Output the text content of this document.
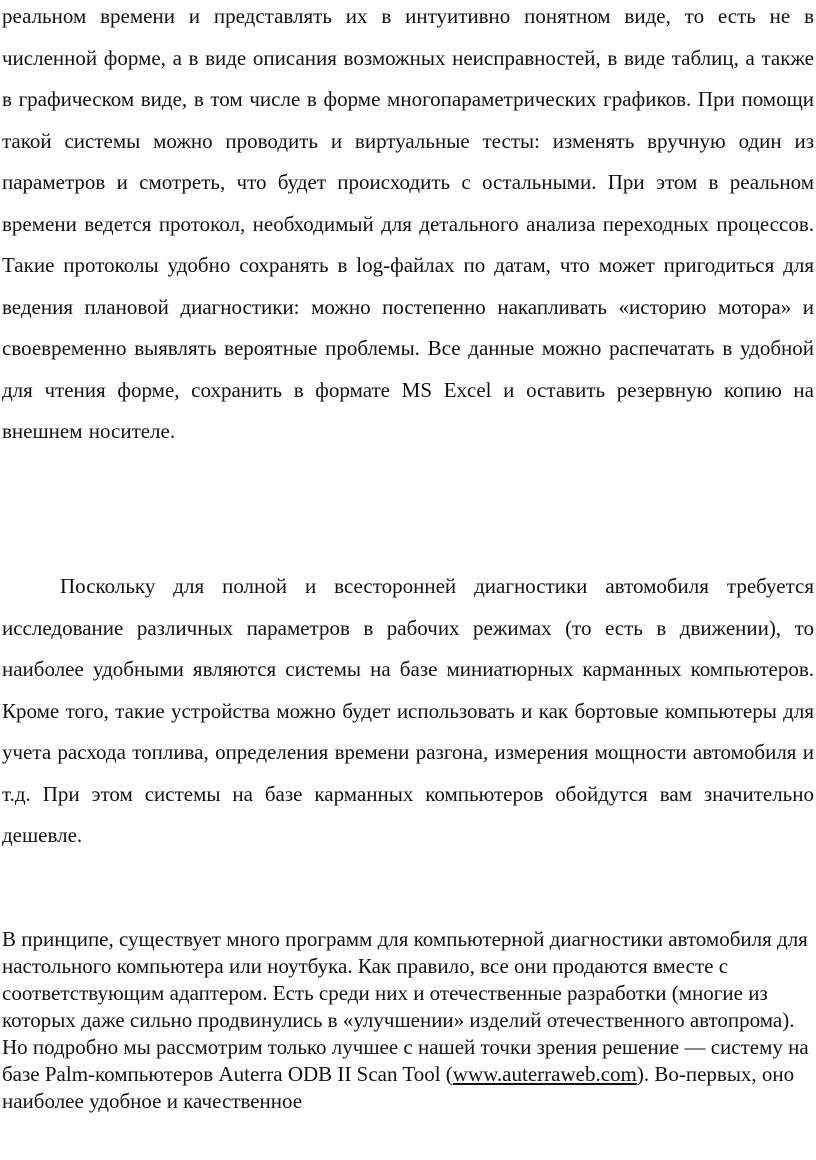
реальном времени и представлять их в интуитивно понятном виде, то есть не в численной форме, а в виде описания возможных неисправностей, в виде таблиц, а также в графическом виде, в том числе в форме многопараметрических графиков. При помощи такой системы можно проводить и виртуальные тесты: изменять вручную один из параметров и смотреть, что будет происходить с остальными. При этом в реальном времени ведется протокол, необходимый для детального анализа переходных процессов. Такие протоколы удобно сохранять в log-файлах по датам, что может пригодиться для ведения плановой диагностики: можно постепенно накапливать «историю мотора» и своевременно выявлять вероятные проблемы. Все данные можно распечатать в удобной для чтения форме, сохранить в формате MS Excel и оставить резервную копию на внешнем носителе.

Поскольку для полной и всесторонней диагностики автомобиля требуется исследование различных параметров в рабочих режимах (то есть в движении), то наиболее удобными являются системы на базе миниатюрных карманных компьютеров. Кроме того, такие устройства можно будет использовать и как бортовые компьютеры для учета расхода топлива, определения времени разгона, измерения мощности автомобиля и т.д. При этом системы на базе карманных компьютеров обойдутся вам значительно дешевле.

В принципе, существует много программ для компьютерной диагностики автомобиля для настольного компьютера или ноутбука. Как правило, все они продаются вместе с соответствующим адаптером. Есть среди них и отечественные разработки (многие из которых даже сильно продвинулись в «улучшении» изделий отечественного автопрома). Но подробно мы рассмотрим только лучшее с нашей точки зрения решение — систему на базе Palm-компьютеров Auterra ODB II Scan Tool (www.auterraweb.com). Во-первых, оно наиболее удобное и качественное
